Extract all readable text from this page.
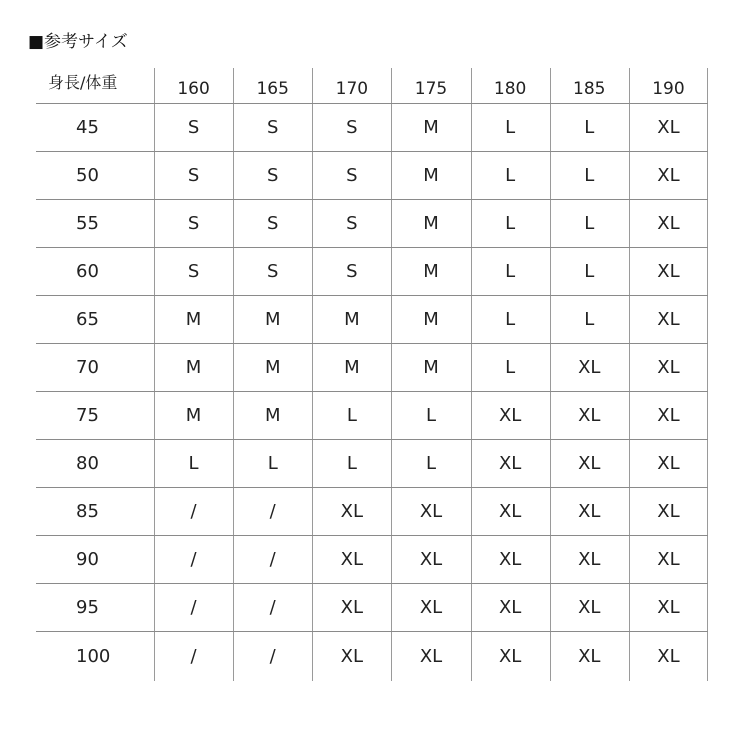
■参考サイズ
身長/体重	160	165	170	175	180	185	190
45	S	S	S	M	L	L	XL
50	S	S	S	M	L	L	XL
55	S	S	S	M	L	L	XL
60	S	S	S	M	L	L	XL
65	M	M	M	M	L	L	XL
70	M	M	M	M	L	XL	XL
75	M	M	L	L	XL	XL	XL
80	L	L	L	L	XL	XL	XL
85	/	/	XL	XL	XL	XL	XL
90	/	/	XL	XL	XL	XL	XL
95	/	/	XL	XL	XL	XL	XL
100	/	/	XL	XL	XL	XL	XL
